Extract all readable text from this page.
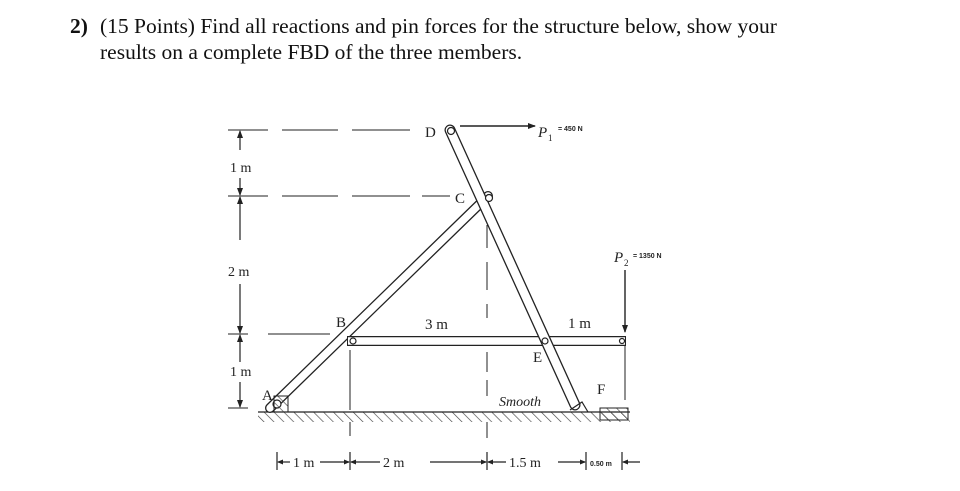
2) (15 Points) Find all reactions and pin forces for the structure below, show your
results on a complete FBD of the three members.
A
B
C
D
E
F
P 1
= 450 N
P 2
= 1350 N
1 m
2 m
1 m
3 m	1 m
1 m	2 m	1.5 m	0.50 m
Smooth
